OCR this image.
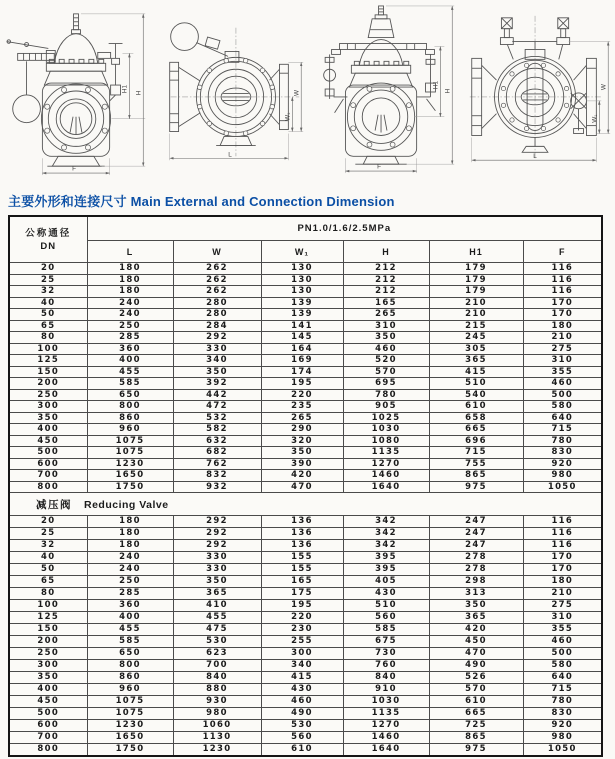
H1 H
F
W
W₁
L
H1
H
F
W
W₁
L
主要外形和连接尺寸 Main External and Connection Dimension
公称通径
DN	PN1.0/1.6/2.5MPa					
	L	W	W₁	H	H1	F
20	180	262	130	212	179	116
25	180	262	130	212	179	116
32	180	262	130	212	179	116
40	240	280	139	165	210	170
50	240	280	139	265	210	170
65	250	284	141	310	215	180
80	285	292	145	350	245	210
100	360	330	164	460	305	275
125	400	340	169	520	365	310
150	455	350	174	570	415	355
200	585	392	195	695	510	460
250	650	442	220	780	540	500
300	800	472	235	905	610	580
350	860	532	265	1025	658	640
400	960	582	290	1030	665	715
450	1075	632	320	1080	696	780
500	1075	682	350	1135	715	830
600	1230	762	390	1270	755	920
700	1650	832	420	1460	865	980
800	1750	932	470	1640	975	1050
减压阀 Reducing Valve						
20	180	292	136	342	247	116
25	180	292	136	342	247	116
32	180	292	136	342	247	116
40	240	330	155	395	278	170
50	240	330	155	395	278	170
65	250	350	165	405	298	180
80	285	365	175	430	313	210
100	360	410	195	510	350	275
125	400	455	220	560	365	310
150	455	475	230	585	420	355
200	585	530	255	675	450	460
250	650	623	300	730	470	500
300	800	700	340	760	490	580
350	860	840	415	840	526	640
400	960	880	430	910	570	715
450	1075	930	460	1030	610	780
500	1075	980	490	1135	665	830
600	1230	1060	530	1270	725	920
700	1650	1130	560	1460	865	980
800	1750	1230	610	1640	975	1050
